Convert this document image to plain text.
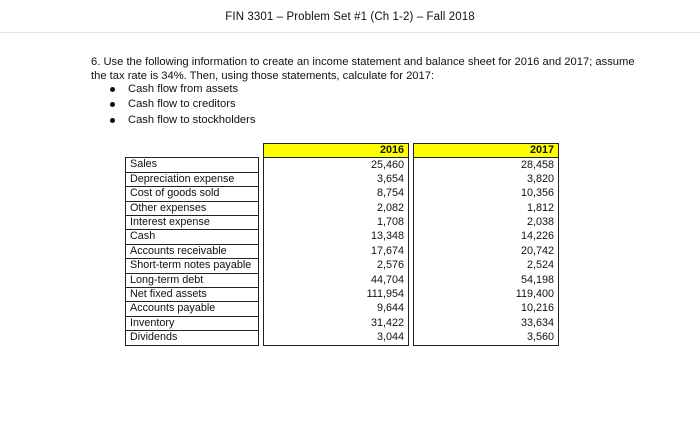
FIN 3301 – Problem Set #1 (Ch 1-2) – Fall 2018
6. Use the following information to create an income statement and balance sheet for 2016 and 2017; assume the tax rate is 34%. Then, using those statements, calculate for 2017:
Cash flow from assets
Cash flow to creditors
Cash flow to stockholders
		2016		2017
Sales		25,460		28,458
Depreciation expense		3,654		3,820
Cost of goods sold		8,754		10,356
Other expenses		2,082		1,812
Interest expense		1,708		2,038
Cash		13,348		14,226
Accounts receivable		17,674		20,742
Short-term notes payable		2,576		2,524
Long-term debt		44,704		54,198
Net fixed assets		111,954		119,400
Accounts payable		9,644		10,216
Inventory		31,422		33,634
Dividends		3,044		3,560
